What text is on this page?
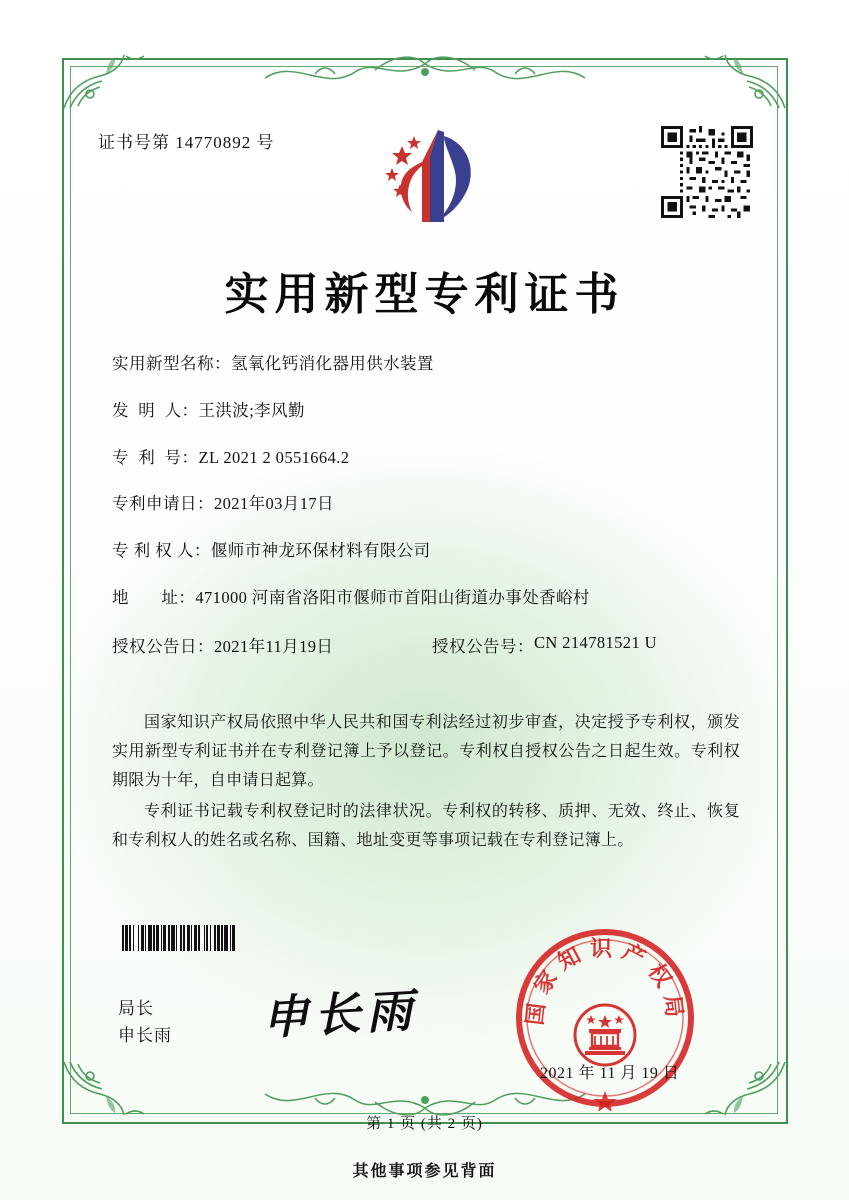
证书号第 14770892 号
实用新型专利证书
实用新型名称： 氢氧化钙消化器用供水装置
发  明  人： 王洪波;李风勤
专  利  号： ZL 2021 2 0551664.2
专利申请日： 2021年03月17日
专 利 权 人： 偃师市神龙环保材料有限公司
地       址： 471000 河南省洛阳市偃师市首阳山街道办事处香峪村
授权公告日： 2021年11月19日	授权公告号： CN 214781521 U

国家知识产权局依照中华人民共和国专利法经过初步审查，决定授予专利权，颁发实用新型专利证书并在专利登记簿上予以登记。专利权自授权公告之日起生效。专利权期限为十年，自申请日起算。

专利证书记载专利权登记时的法律状况。专利权的转移、质押、无效、终止、恢复和专利权人的姓名或名称、国籍、地址变更等事项记载在专利登记簿上。

局长
申长雨 申长雨	国家知识产权局
2021 年 11 月 19 日
第 1 页 (共 2 页)
其他事项参见背面
